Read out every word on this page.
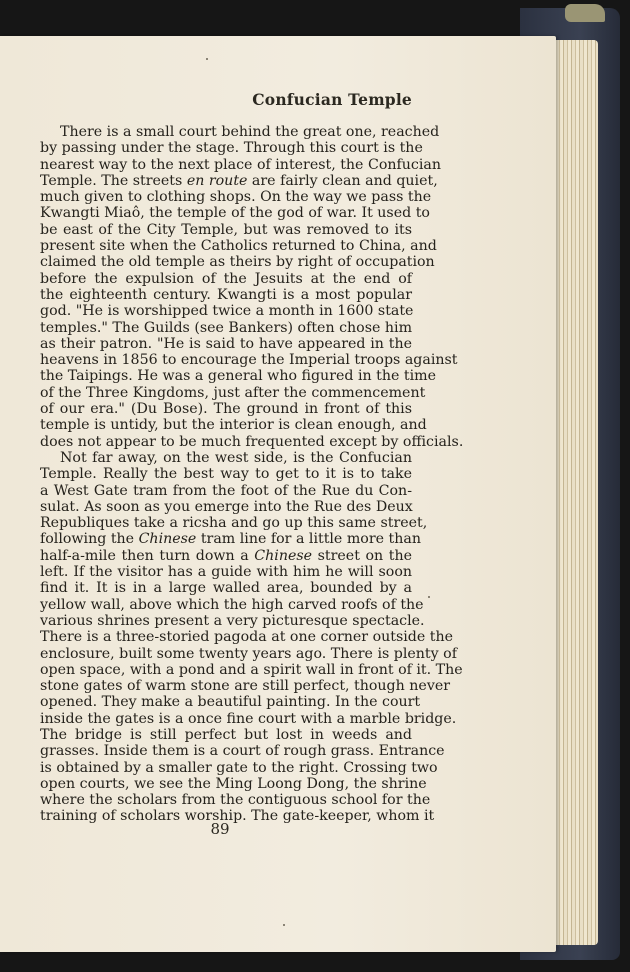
Confucian Temple
There is a small court behind the great one, reached
by passing under the stage. Through this court is the
nearest way to the next place of interest, the Confucian
Temple. The streets en route are fairly clean and quiet,
much given to clothing shops. On the way we pass the
Kwangti Miaô, the temple of the god of war. It used to
be east of the City Temple, but was removed to its
present site when the Catholics returned to China, and
claimed the old temple as theirs by right of occupation
before the expulsion of the Jesuits at the end of
the eighteenth century. Kwangti is a most popular
god. "He is worshipped twice a month in 1600 state
temples." The Guilds (see Bankers) often chose him
as their patron. "He is said to have appeared in the
heavens in 1856 to encourage the Imperial troops against
the Taipings. He was a general who figured in the time
of the Three Kingdoms, just after the commencement
of our era." (Du Bose). The ground in front of this
temple is untidy, but the interior is clean enough, and
does not appear to be much frequented except by officials.
Not far away, on the west side, is the Confucian
Temple. Really the best way to get to it is to take
a West Gate tram from the foot of the Rue du Con-
sulat. As soon as you emerge into the Rue des Deux
Republiques take a ricsha and go up this same street,
following the Chinese tram line for a little more than
half-a-mile then turn down a Chinese street on the
left. If the visitor has a guide with him he will soon
find it. It is in a large walled area, bounded by a
yellow wall, above which the high carved roofs of the
various shrines present a very picturesque spectacle.
There is a three-storied pagoda at one corner outside the
enclosure, built some twenty years ago. There is plenty of
open space, with a pond and a spirit wall in front of it. The
stone gates of warm stone are still perfect, though never
opened. They make a beautiful painting. In the court
inside the gates is a once fine court with a marble bridge.
The bridge is still perfect but lost in weeds and
grasses. Inside them is a court of rough grass. Entrance
is obtained by a smaller gate to the right. Crossing two
open courts, we see the Ming Loong Dong, the shrine
where the scholars from the contiguous school for the
training of scholars worship. The gate-keeper, whom it
89
